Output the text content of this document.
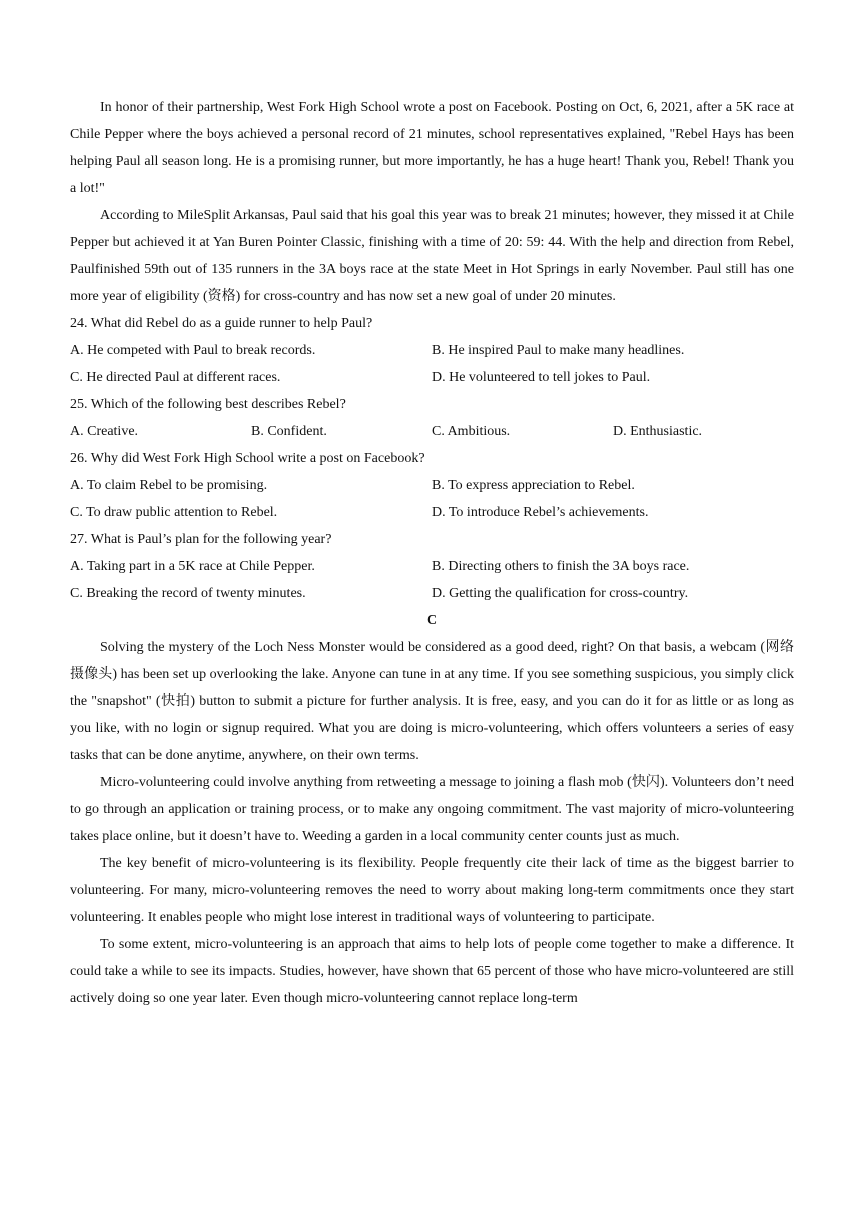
In honor of their partnership, West Fork High School wrote a post on Facebook. Posting on Oct, 6, 2021, after a 5K race at Chile Pepper where the boys achieved a personal record of 21 minutes, school representatives explained, "Rebel Hays has been helping Paul all season long. He is a promising runner, but more importantly, he has a huge heart! Thank you, Rebel! Thank you a lot!"

According to MileSplit Arkansas, Paul said that his goal this year was to break 21 minutes; however, they missed it at Chile Pepper but achieved it at Yan Buren Pointer Classic, finishing with a time of 20: 59: 44. With the help and direction from Rebel, Paulfinished 59th out of 135 runners in the 3A boys race at the state Meet in Hot Springs in early November. Paul still has one more year of eligibility (资格) for cross-country and has now set a new goal of under 20 minutes.

24. What did Rebel do as a guide runner to help Paul?

A. He competed with Paul to break records.	B. He inspired Paul to make many headlines.
C. He directed Paul at different races.	D. He volunteered to tell jokes to Paul.

25. Which of the following best describes Rebel?

A. Creative.	B. Confident.	C. Ambitious.	D. Enthusiastic.

26. Why did West Fork High School write a post on Facebook?

A. To claim Rebel to be promising.	B. To express appreciation to Rebel.
C. To draw public attention to Rebel.	D. To introduce Rebel’s achievements.

27. What is Paul’s plan for the following year?

A. Taking part in a 5K race at Chile Pepper.	B. Directing others to finish the 3A boys race.
C. Breaking the record of twenty minutes.	D. Getting the qualification for cross-country.

C

Solving the mystery of the Loch Ness Monster would be considered as a good deed, right? On that basis, a webcam (网络摄像头) has been set up overlooking the lake. Anyone can tune in at any time. If you see something suspicious, you simply click the "snapshot" (快拍) button to submit a picture for further analysis. It is free, easy, and you can do it for as little or as long as you like, with no login or signup required. What you are doing is micro-volunteering, which offers volunteers a series of easy tasks that can be done anytime, anywhere, on their own terms.

Micro-volunteering could involve anything from retweeting a message to joining a flash mob (快闪). Volunteers don’t need to go through an application or training process, or to make any ongoing commitment. The vast majority of micro-volunteering takes place online, but it doesn’t have to. Weeding a garden in a local community center counts just as much.

The key benefit of micro-volunteering is its flexibility. People frequently cite their lack of time as the biggest barrier to volunteering. For many, micro-volunteering removes the need to worry about making long-term commitments once they start volunteering. It enables people who might lose interest in traditional ways of volunteering to participate.

To some extent, micro-volunteering is an approach that aims to help lots of people come together to make a difference. It could take a while to see its impacts. Studies, however, have shown that 65 percent of those who have micro-volunteered are still actively doing so one year later. Even though micro-volunteering cannot replace long-term
